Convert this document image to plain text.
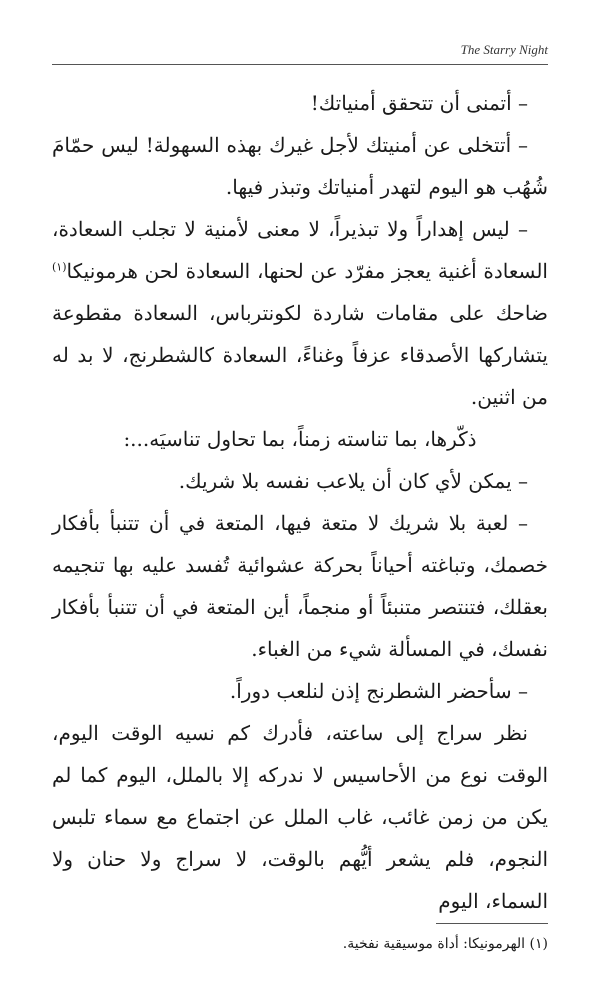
The Starry Night

– أتمنى أن تتحقق أمنياتك!

– أتتخلى عن أمنيتك لأجل غيرك بهذه السهولة! ليس حمّامَ شُهُب هو اليوم لتهدر أمنياتك وتبذر فيها.

– ليس إهداراً ولا تبذيراً، لا معنى لأمنية لا تجلب السعادة، السعادة أغنية يعجز مفرّد عن لحنها، السعادة لحن هرمونيكا$^{(١)}$ ضاحك على مقامات شاردة لكونترباس، السعادة مقطوعة يتشاركها الأصدقاء عزفاً وغناءً، السعادة كالشطرنج، لا بد له من اثنين.

ذكّرها، بما تناسته زمناً، بما تحاول تناسيَه...:

– يمكن لأي كان أن يلاعب نفسه بلا شريك.

– لعبة بلا شريك لا متعة فيها، المتعة في أن تتنبأ بأفكار خصمك، وتباغته أحياناً بحركة عشوائية تُفسد عليه بها تنجيمه بعقلك، فتنتصر متنبئاً أو منجماً، أين المتعة في أن تتنبأ بأفكار نفسك، في المسألة شيء من الغباء.

– سأحضر الشطرنج إذن لنلعب دوراً.

نظر سراج إلى ساعته، فأدرك كم نسيه الوقت اليوم، الوقت نوع من الأحاسيس لا ندركه إلا بالملل، اليوم كما لم يكن من زمن غائب، غاب الملل عن اجتماع مع سماء تلبس النجوم، فلم يشعر أيُّهم بالوقت، لا سراج ولا حنان ولا السماء، اليوم

(١) الهرمونيكا: أداة موسيقية نفخية.
